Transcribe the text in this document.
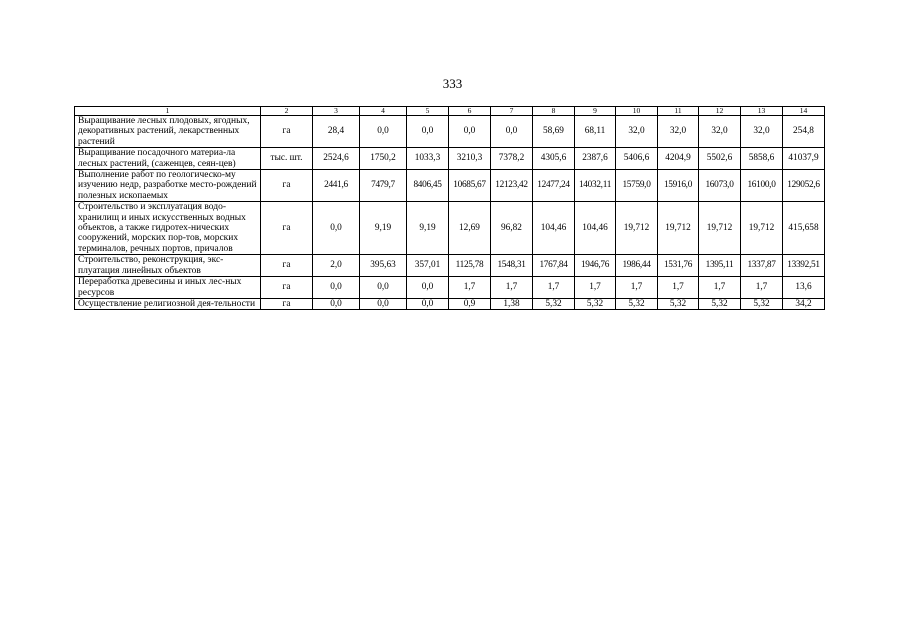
333
1	2	3	4	5	6	7	8	9	10	11	12	13	14
Выращивание лесных плодовых, ягодных, декоративных растений, лекарственных растений	га	28,4	0,0	0,0	0,0	0,0	58,69	68,11	32,0	32,0	32,0	32,0	254,8
Выращивание посадочного материа-ла лесных растений, (саженцев, сеян-цев)	тыс. шт.	2524,6	1750,2	1033,3	3210,3	7378,2	4305,6	2387,6	5406,6	4204,9	5502,6	5858,6	41037,9
Выполнение работ по геологическо-му изучению недр, разработке место-рождений полезных ископаемых	га	2441,6	7479,7	8406,45	10685,67	12123,42	12477,24	14032,11	15759,0	15916,0	16073,0	16100,0	129052,6
Строительство и эксплуатация водо-хранилищ и иных искусственных водных объектов, а также гидротех-нических сооружений, морских пор-тов, морских терминалов, речных портов, причалов	га	0,0	9,19	9,19	12,69	96,82	104,46	104,46	19,712	19,712	19,712	19,712	415,658
Строительство, реконструкция, экс-плуатация линейных объектов	га	2,0	395,63	357,01	1125,78	1548,31	1767,84	1946,76	1986,44	1531,76	1395,11	1337,87	13392,51
Переработка древесины и иных лес-ных ресурсов	га	0,0	0,0	0,0	1,7	1,7	1,7	1,7	1,7	1,7	1,7	1,7	13,6
Осуществление религиозной дея-тельности	га	0,0	0,0	0,0	0,9	1,38	5,32	5,32	5,32	5,32	5,32	5,32	34,2
